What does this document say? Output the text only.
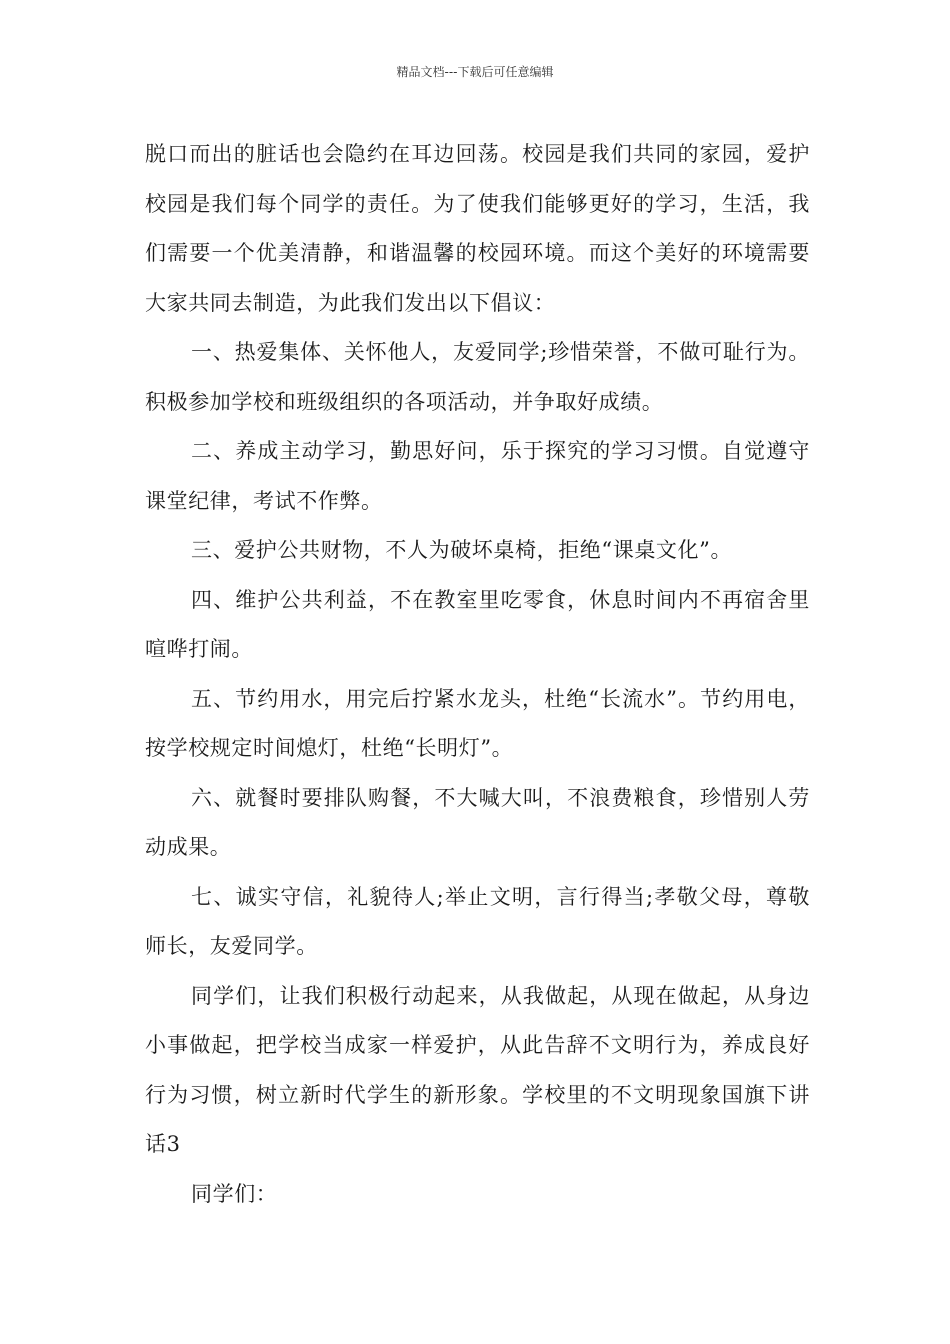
精品文档---下载后可任意编辑

脱口而出的脏话也会隐约在耳边回荡。校园是我们共同的家园，爱护校园是我们每个同学的责任。为了使我们能够更好的学习，生活，我们需要一个优美清静，和谐温馨的校园环境。而这个美好的环境需要大家共同去制造，为此我们发出以下倡议：

一、热爱集体、关怀他人，友爱同学;珍惜荣誉，不做可耻行为。积极参加学校和班级组织的各项活动，并争取好成绩。

二、养成主动学习，勤思好问，乐于探究的学习习惯。自觉遵守课堂纪律，考试不作弊。

三、爱护公共财物，不人为破坏桌椅，拒绝“课桌文化”。

四、维护公共利益，不在教室里吃零食，休息时间内不再宿舍里喧哗打闹。

五、节约用水，用完后拧紧水龙头，杜绝“长流水”。节约用电，按学校规定时间熄灯，杜绝“长明灯”。

六、就餐时要排队购餐，不大喊大叫，不浪费粮食，珍惜别人劳动成果。

七、诚实守信，礼貌待人;举止文明，言行得当;孝敬父母，尊敬师长，友爱同学。

同学们，让我们积极行动起来，从我做起，从现在做起，从身边小事做起，把学校当成家一样爱护，从此告辞不文明行为，养成良好行为习惯，树立新时代学生的新形象。学校里的不文明现象国旗下讲话3

同学们：
